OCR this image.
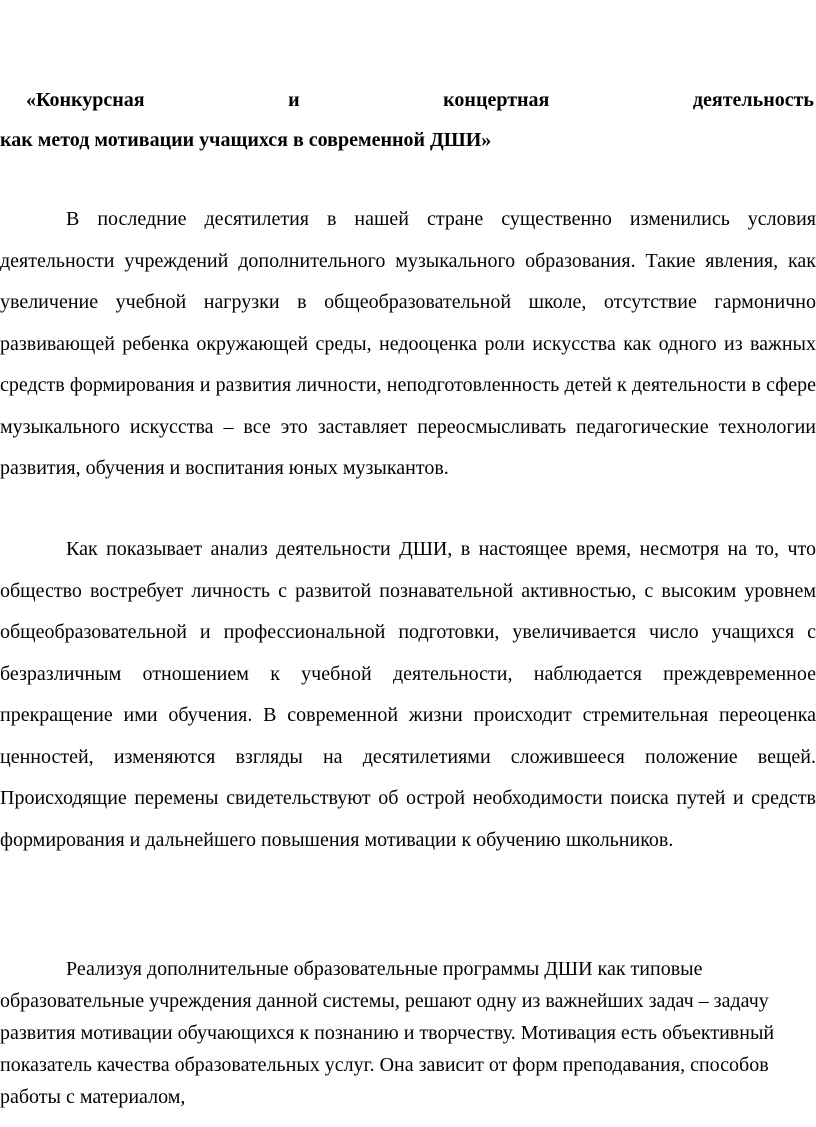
«Конкурсная	и	концертная	деятельность
как метод мотивации учащихся в современной ДШИ»

В последние десятилетия в нашей стране существенно изменились условия деятельности учреждений дополнительного музыкального образования. Такие явления, как увеличение учебной нагрузки в общеобразовательной школе, отсутствие гармонично развивающей ребенка окружающей среды, недооценка роли искусства как одного из важных средств формирования и развития личности, неподготовленность детей к деятельности в сфере музыкального искусства – все это заставляет переосмысливать педагогические технологии развития, обучения и воспитания юных музыкантов.

Как показывает анализ деятельности ДШИ, в настоящее время, несмотря на то, что общество востребует личность с развитой познавательной активностью, с высоким уровнем общеобразовательной и профессиональной подготовки, увеличивается число учащихся с безразличным отношением к учебной деятельности, наблюдается преждевременное прекращение ими обучения. В современной жизни происходит стремительная переоценка ценностей, изменяются взгляды на десятилетиями сложившееся положение вещей. Происходящие перемены свидетельствуют об острой необходимости поиска путей и средств формирования и дальнейшего повышения мотивации к обучению школьников.

Реализуя дополнительные образовательные программы ДШИ как типовые образовательные учреждения данной системы, решают одну из важнейших задач – задачу развития мотивации обучающихся к познанию и творчеству. Мотивация есть объективный показатель качества образовательных услуг. Она зависит от форм преподавания, способов работы с материалом,
